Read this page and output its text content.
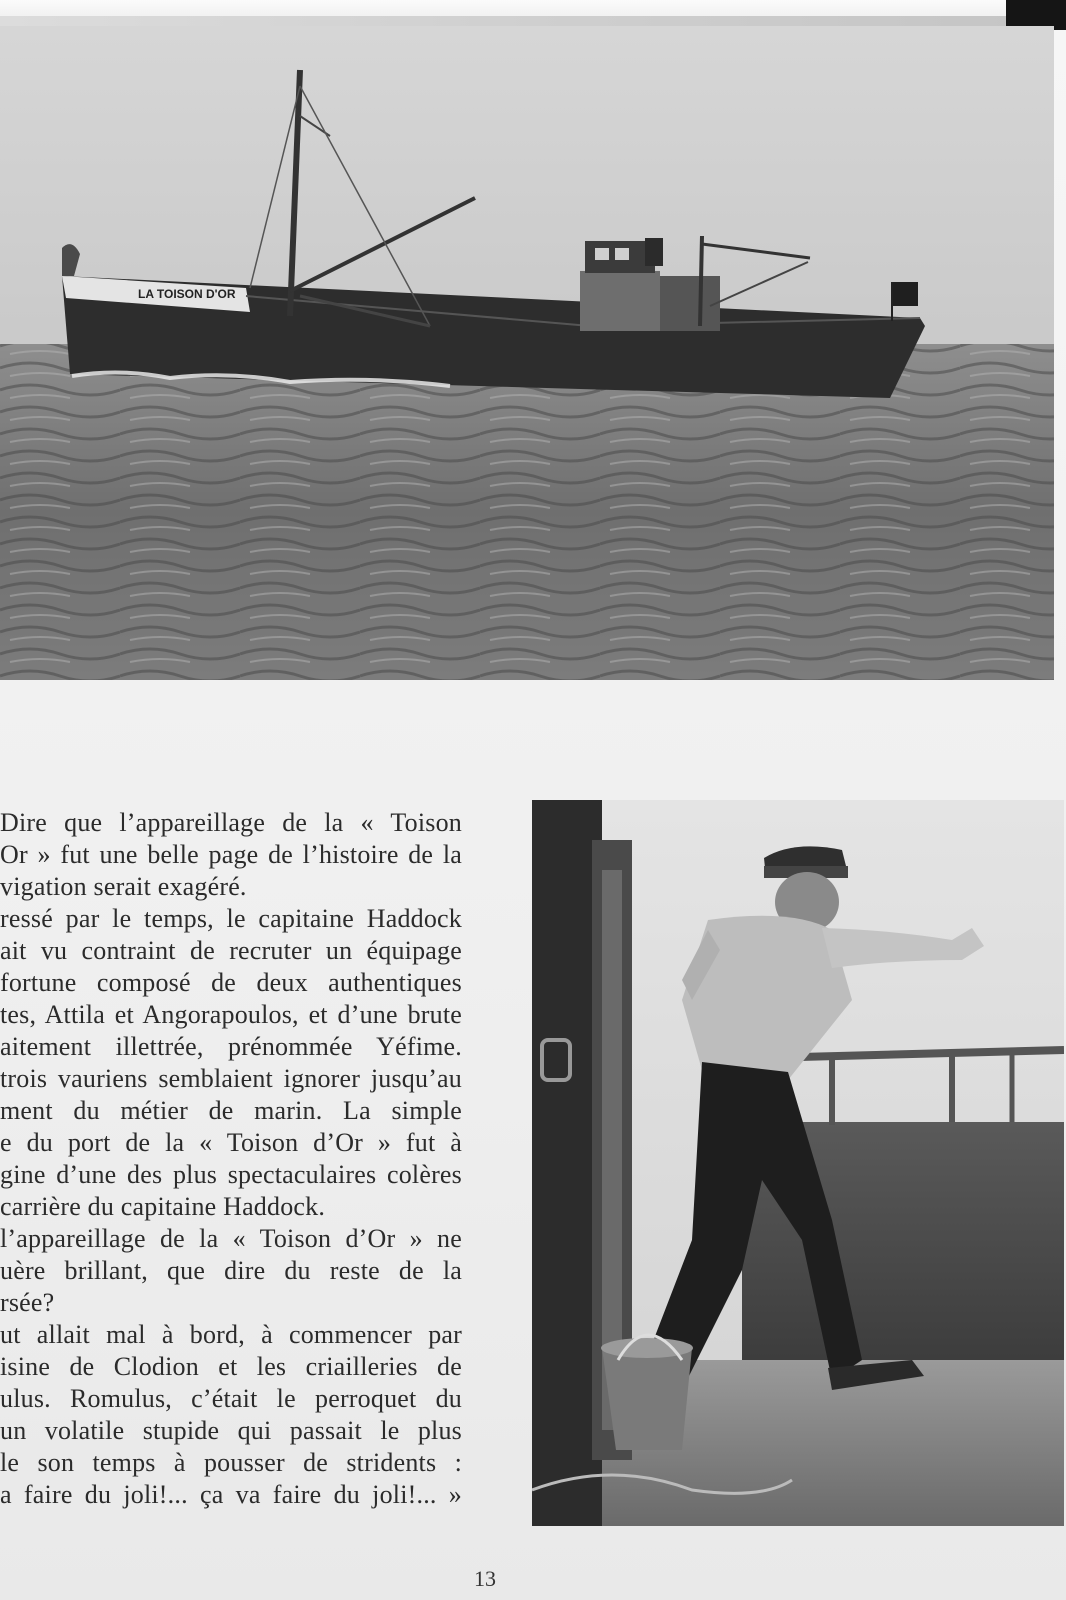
LA TOISON D'OR
Dire que l’appareillage de la « Toison
Or » fut une belle page de l’histoire de la
vigation serait exagéré.
ressé par le temps, le capitaine Haddock
ait vu contraint de recruter un équipage
fortune composé de deux authentiques
tes, Attila et Angorapoulos, et d’une brute
aitement illettrée, prénommée Yéfime.
trois vauriens semblaient ignorer jusqu’au
ment du métier de marin. La simple
e du port de la « Toison d’Or » fut à
gine d’une des plus spectaculaires colères
carrière du capitaine Haddock.
l’appareillage de la « Toison d’Or » ne
uère brillant, que dire du reste de la
rsée?
ut allait mal à bord, à commencer par
isine de Clodion et les criailleries de
ulus. Romulus, c’était le perroquet du
un volatile stupide qui passait le plus
le son temps à pousser de stridents :
a faire du joli!... ça va faire du joli!... »
13
